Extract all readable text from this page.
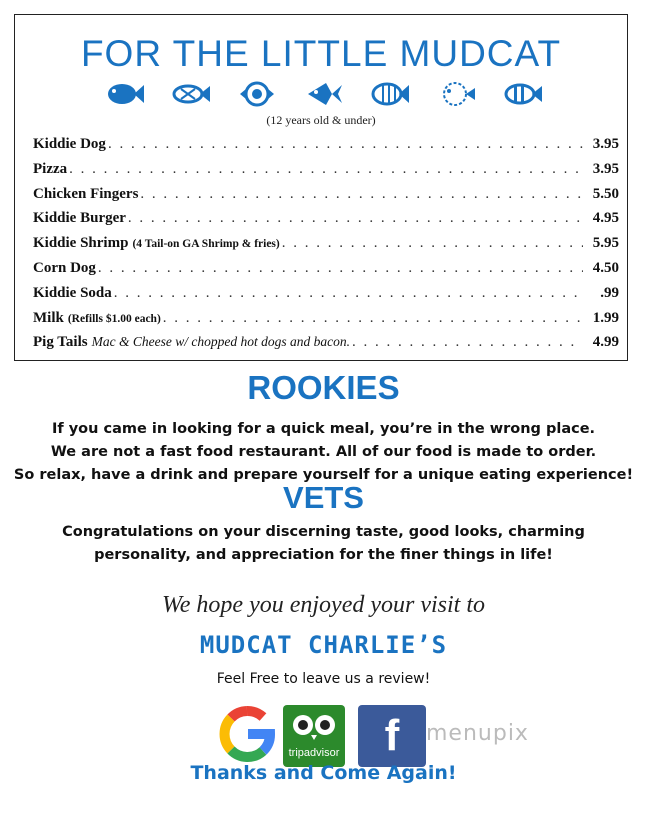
FOR THE LITTLE MUDCAT
(12 years old & under)
Kiddie Dog . . .	3.95
Pizza . . .	3.95
Chicken Fingers . . .	5.50
Kiddie Burger . . .	4.95
Kiddie Shrimp (4 Tail-on GA Shrimp & fries) . . .	5.95
Corn Dog . . .	4.50
Kiddie Soda . . .	.99
Milk (Refills $1.00 each) . . .	1.99
Pig Tails Mac & Cheese w/ chopped hot dogs and bacon. . . .	4.99
ROOKIES
If you came in looking for a quick meal, you’re in the wrong place.
We are not a fast food restaurant. All of our food is made to order.
So relax, have a drink and prepare yourself for a unique eating experience!
VETS
Congratulations on your discerning taste, good looks, charming
personality, and appreciation for the finer things in life!
We hope you enjoyed your visit to
MUDCAT CHARLIE’S
Feel Free to leave us a review!
tripadvisor	f	menupix
Thanks and Come Again!
